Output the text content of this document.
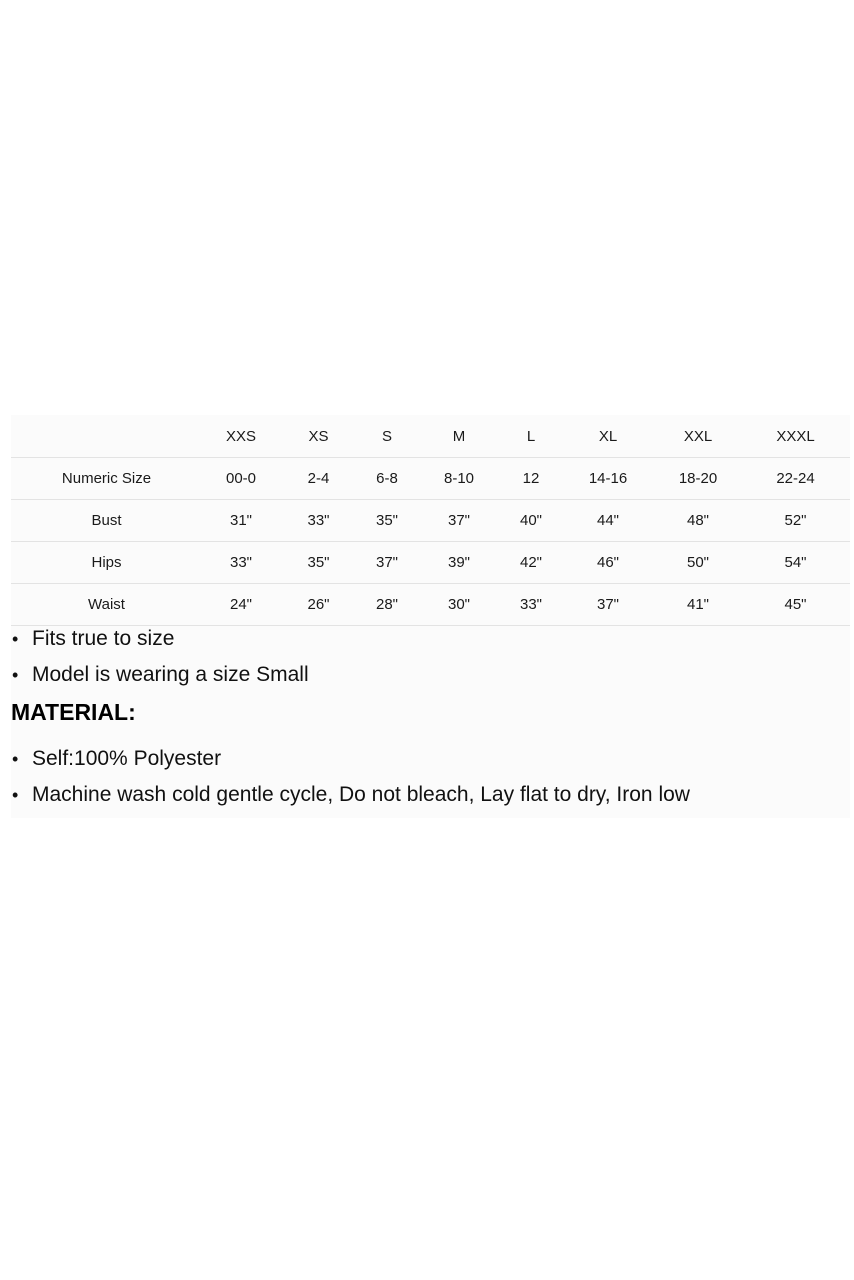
	XXS	XS	S	M	L	XL	XXL	XXXL
Numeric Size	00-0	2-4	6-8	8-10	12	14-16	18-20	22-24
Bust	31"	33"	35"	37"	40"	44"	48"	52"
Hips	33"	35"	37"	39"	42"	46"	50"	54"
Waist	24"	26"	28"	30"	33"	37"	41"	45"
• Fits true to size
• Model is wearing a size Small
MATERIAL:
• Self:100% Polyester
• Machine wash cold gentle cycle, Do not bleach, Lay flat to dry, Iron low
